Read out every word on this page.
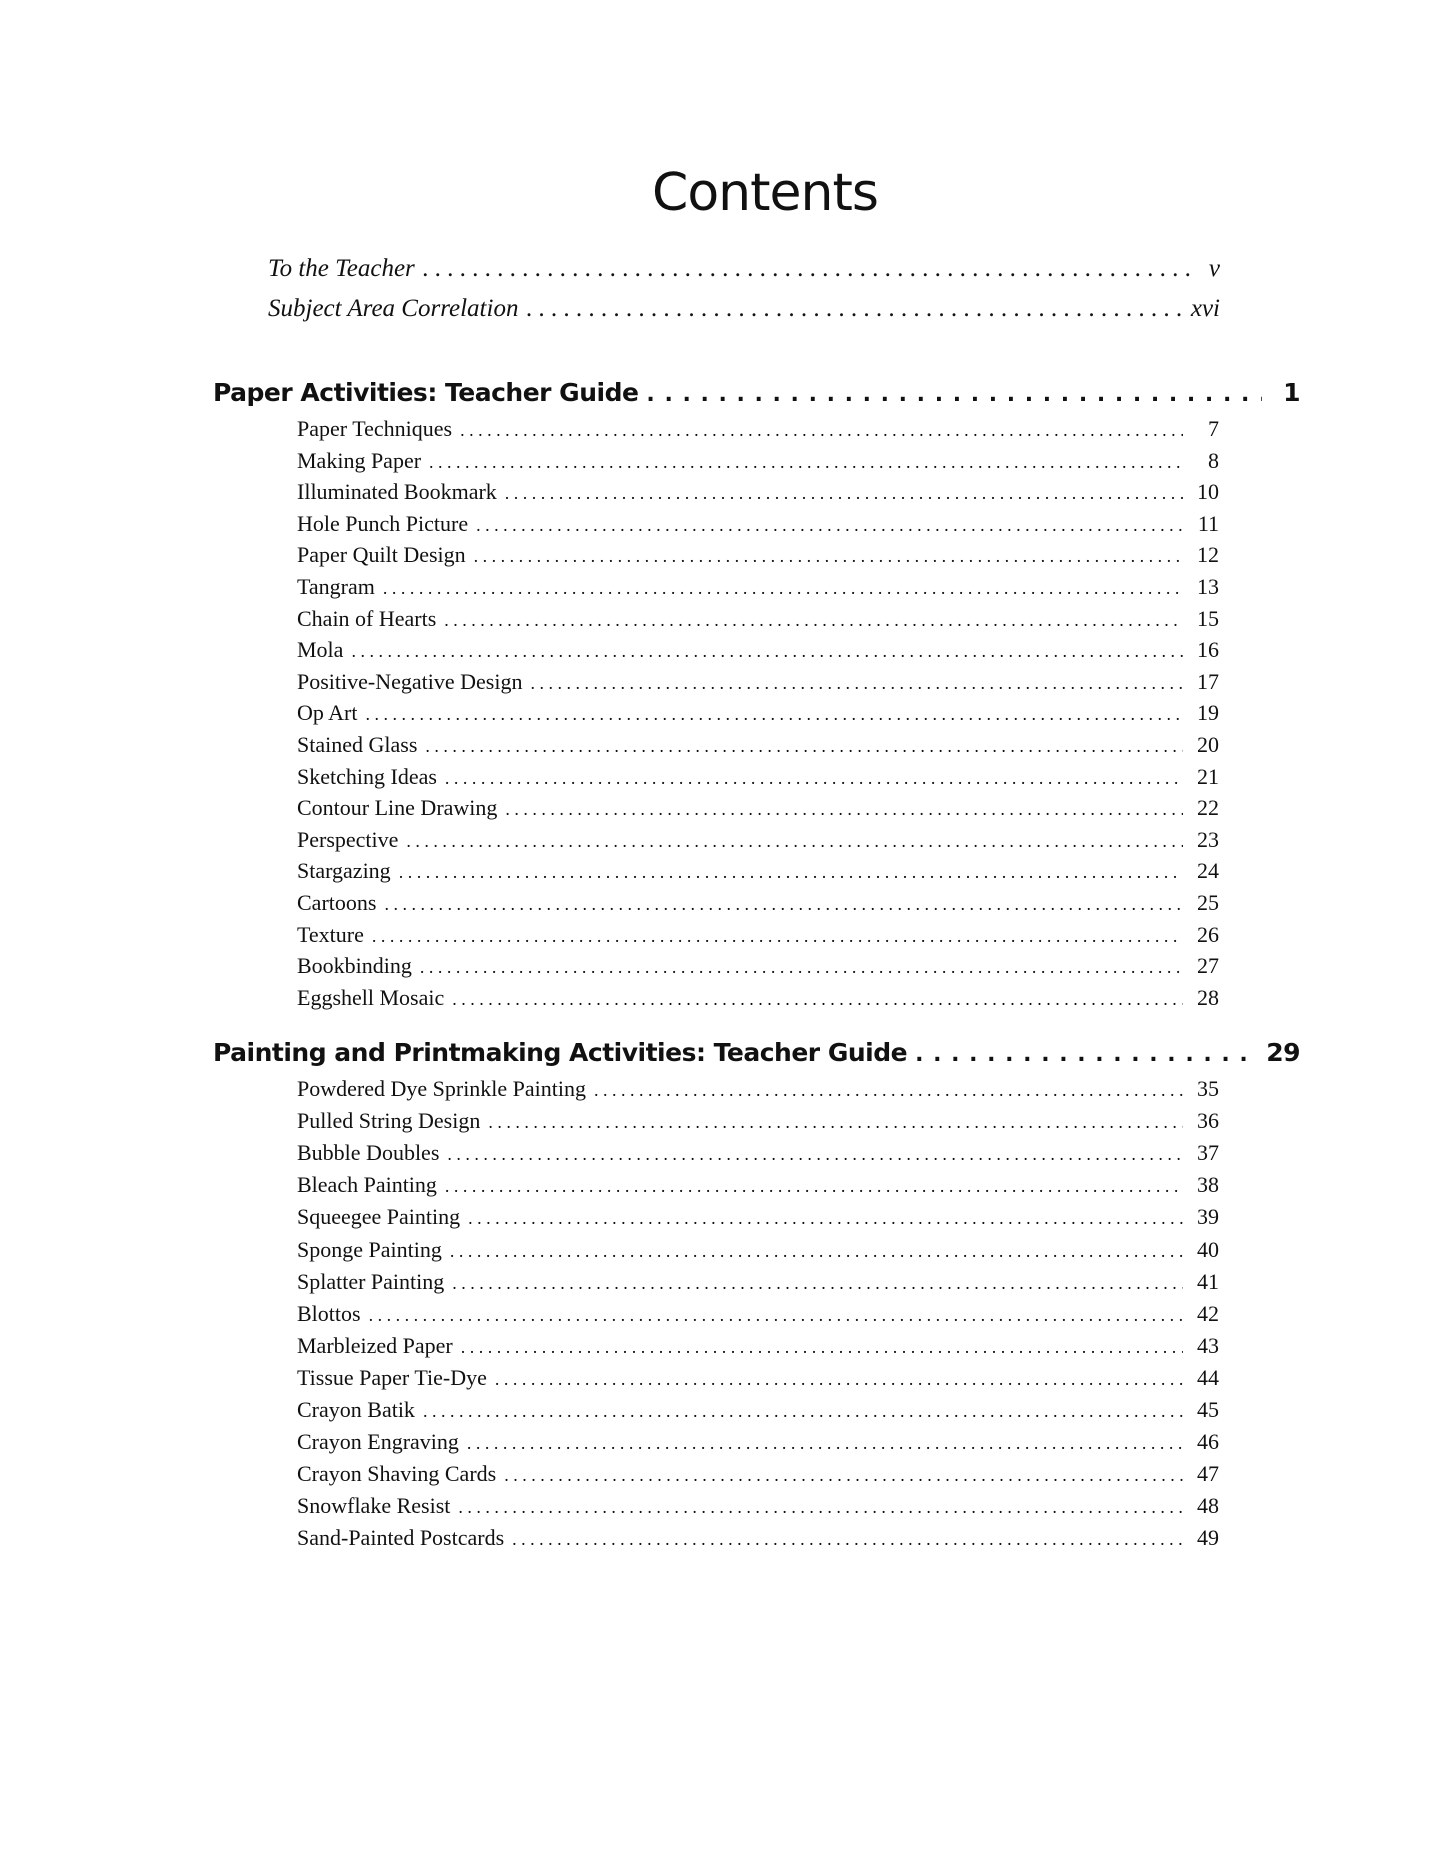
Contents
To the Teacher . . .	v
Subject Area Correlation . . .	xvi
Paper Activities: Teacher Guide . . .	1
Paper Techniques . . .	7
Making Paper . . .	8
Illuminated Bookmark . . .	10
Hole Punch Picture . . .	11
Paper Quilt Design . . .	12
Tangram . . .	13
Chain of Hearts . . .	15
Mola . . .	16
Positive-Negative Design . . .	17
Op Art . . .	19
Stained Glass . . .	20
Sketching Ideas . . .	21
Contour Line Drawing . . .	22
Perspective . . .	23
Stargazing . . .	24
Cartoons . . .	25
Texture . . .	26
Bookbinding . . .	27
Eggshell Mosaic . . .	28
Painting and Printmaking Activities: Teacher Guide . . .	29
Powdered Dye Sprinkle Painting . . .	35
Pulled String Design . . .	36
Bubble Doubles . . .	37
Bleach Painting . . .	38
Squeegee Painting . . .	39
Sponge Painting . . .	40
Splatter Painting . . .	41
Blottos . . .	42
Marbleized Paper . . .	43
Tissue Paper Tie-Dye . . .	44
Crayon Batik . . .	45
Crayon Engraving . . .	46
Crayon Shaving Cards . . .	47
Snowflake Resist . . .	48
Sand-Painted Postcards . . .	49
